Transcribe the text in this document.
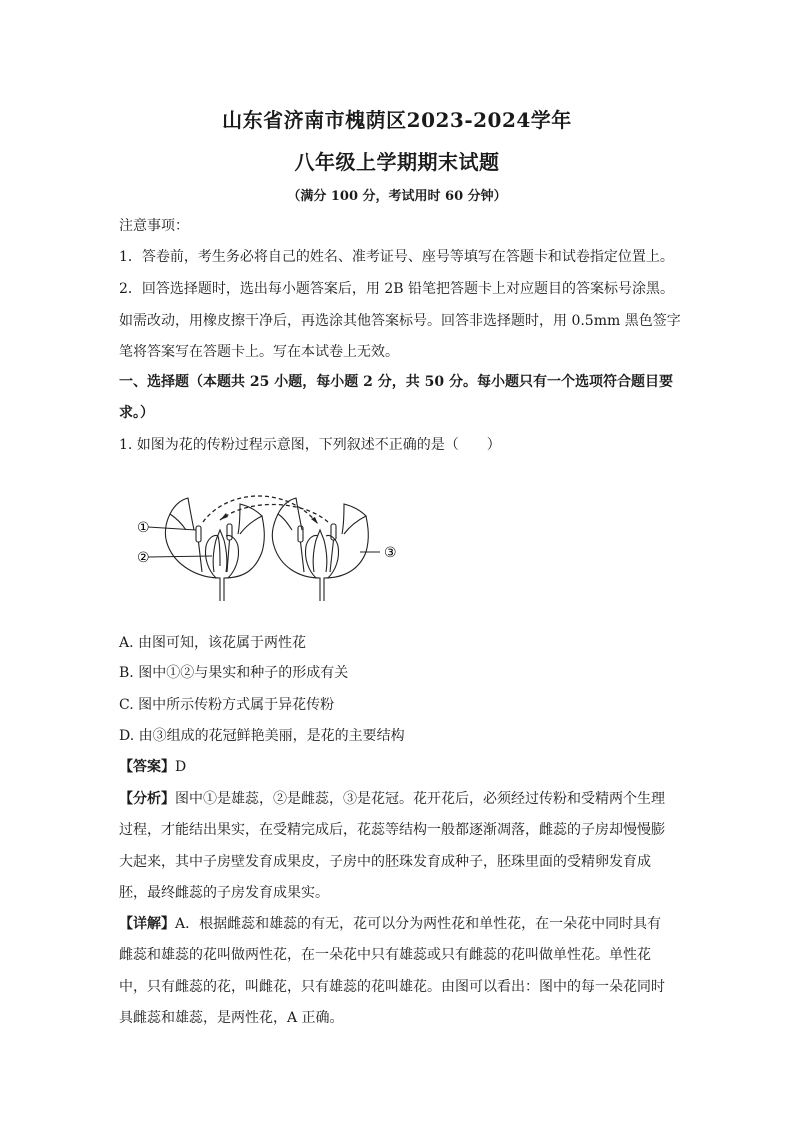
山东省济南市槐荫区2023-2024学年
八年级上学期期末试题
（满分 100 分，考试用时 60 分钟）
注意事项：
1．答卷前，考生务必将自己的姓名、准考证号、座号等填写在答题卡和试卷指定位置上。
2．回答选择题时，选出每小题答案后，用 2B 铅笔把答题卡上对应题目的答案标号涂黑。
如需改动，用橡皮擦干净后，再选涂其他答案标号。回答非选择题时，用 0.5mm 黑色签字
笔将答案写在答题卡上。写在本试卷上无效。
一、选择题（本题共 25 小题，每小题 2 分，共 50 分。每小题只有一个选项符合题目要
求。）
1. 如图为花的传粉过程示意图，下列叙述不正确的是（　　）
①
②	③
A. 由图可知，该花属于两性花
B. 图中①②与果实和种子的形成有关
C. 图中所示传粉方式属于异花传粉
D. 由③组成的花冠鲜艳美丽，是花的主要结构
【答案】D
【分析】图中①是雄蕊，②是雌蕊，③是花冠。花开花后，必须经过传粉和受精两个生理
过程，才能结出果实，在受精完成后，花蕊等结构一般都逐渐凋落，雌蕊的子房却慢慢膨
大起来，其中子房壁发育成果皮，子房中的胚珠发育成种子，胚珠里面的受精卵发育成
胚，最终雌蕊的子房发育成果实。
【详解】A．根据雌蕊和雄蕊的有无，花可以分为两性花和单性花，在一朵花中同时具有
雌蕊和雄蕊的花叫做两性花，在一朵花中只有雄蕊或只有雌蕊的花叫做单性花。单性花
中，只有雌蕊的花，叫雌花，只有雄蕊的花叫雄花。由图可以看出：图中的每一朵花同时
具雌蕊和雄蕊，是两性花，A 正确。
